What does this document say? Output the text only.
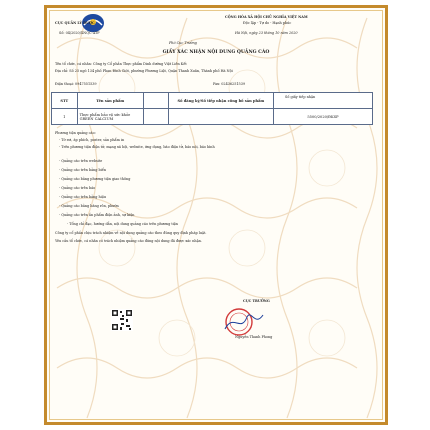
CỤC QUẢN LÝ DƯỢC
Số: 04/2020/XNQC-ATP
CỘNG HÒA XÃ HỘI CHỦ NGHĨA VIỆT NAM
Độc lập - Tự do - Hạnh phúc
Hà Nội, ngày 23 tháng 10 năm 2020
Phó Cục Trưởng
GIẤY XÁC NHẬN NỘI DUNG QUẢNG CÁO
Tên tổ chức, cá nhân: Công ty Cổ phần Thực phẩm Dinh dưỡng Việt Liên Kết
Địa chỉ: Số 25 ngõ 134 phố Phan Đình Giót, phường Phương Liệt, Quận Thanh Xuân, Thành phố Hà Nội
Điện thoại: 0947551539	Fax: 02436251539
STT	Tên sản phẩm		Số đăng ký/Số tiếp nhận công bố sản phẩm	
1	Thực phẩm bảo vệ sức khỏe GREEN CALCIUM			5500/2020/ĐKSP
Số giấy tiếp nhận
Phương tiện quảng cáo:
- Tờ rơi, áp phích, poster, sản phẩm in
- Trên phương tiện điện tử, mạng xã hội, website, ứng dụng, báo điện tử, báo nói, báo hình
- Quảng cáo trên website
- Quảng cáo trên bảng biển
- Quảng cáo bằng phương tiện giao thông
- Quảng cáo trên báo
- Quảng cáo trên bảng hiệu
- Quảng cáo bằng băng rôn, phướn
- Quảng cáo trên ấn phẩm điện ảnh, sự kiện
- Tổng chỉ đạo, hướng dẫn, nội dung quảng cáo trên phương tiện
Công ty cổ phần chịu trách nhiệm về nội dung quảng cáo theo đúng quy định pháp luật.
Yêu cầu tổ chức, cá nhân có trách nhiệm quảng cáo đúng nội dung đã được xác nhận.
CỤC TRƯỞNG
Nguyễn Thanh Phong
